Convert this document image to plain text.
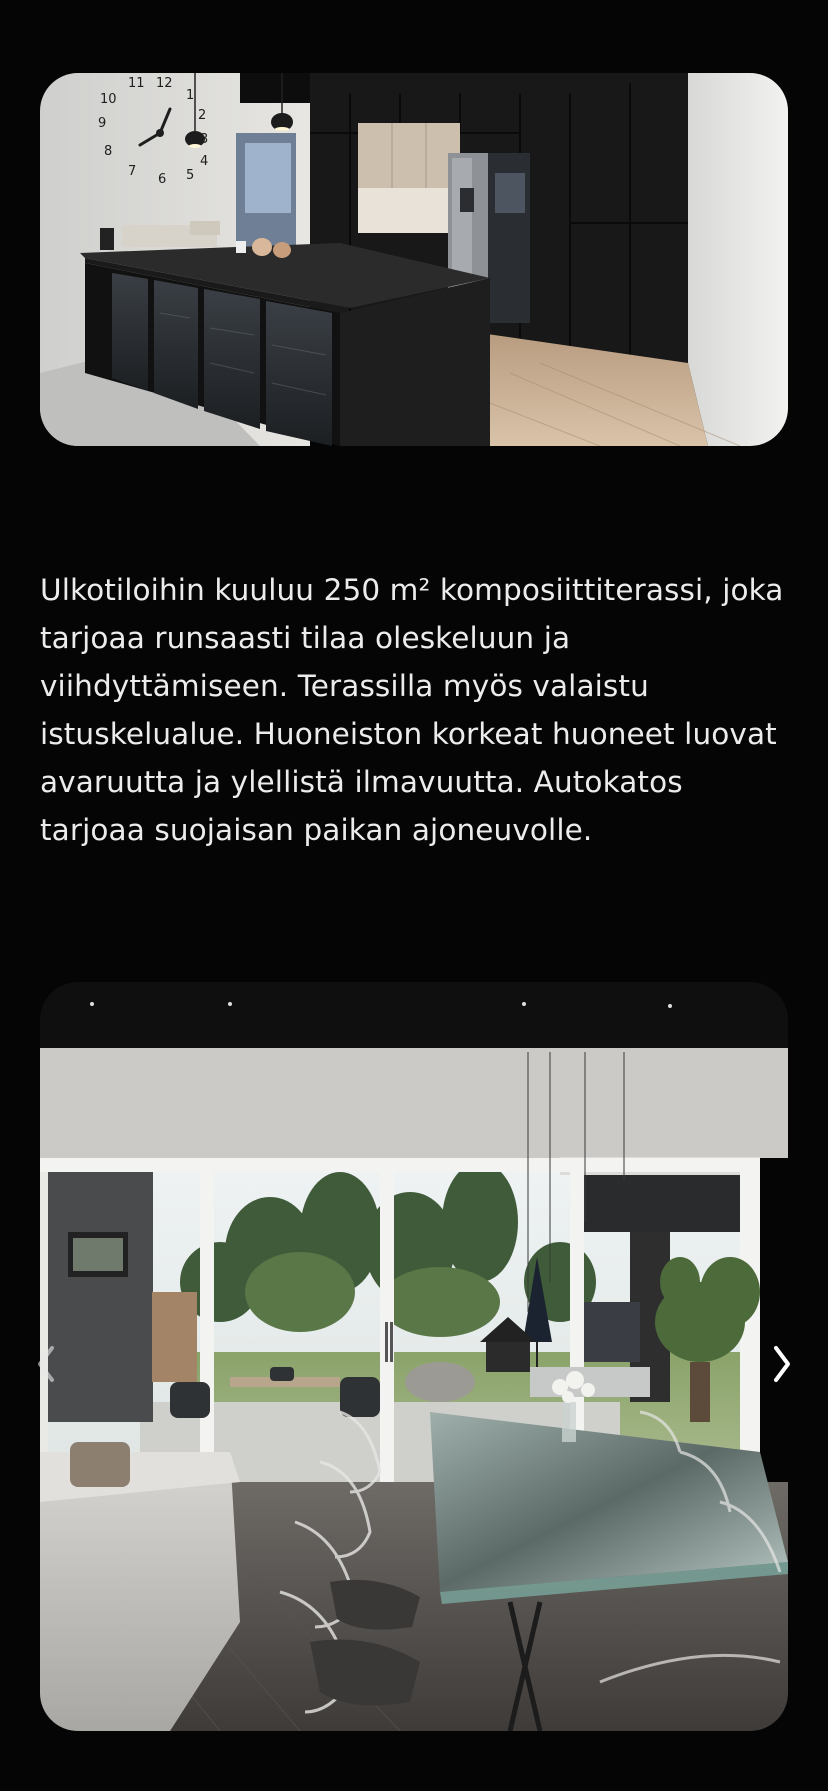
10
11 12
1
2
3
4
5
6
7
8
9

Ulkotiloihin kuuluu 250 m² komposiittiterassi, joka tarjoaa runsaasti tilaa oleskeluun ja viihdyttämiseen. Terassilla myös valaistu istuskelualue. Huoneiston korkeat huoneet luovat avaruutta ja ylellistä ilmavuutta. Autokatos tarjoaa suojaisan paikan ajoneuvolle.
